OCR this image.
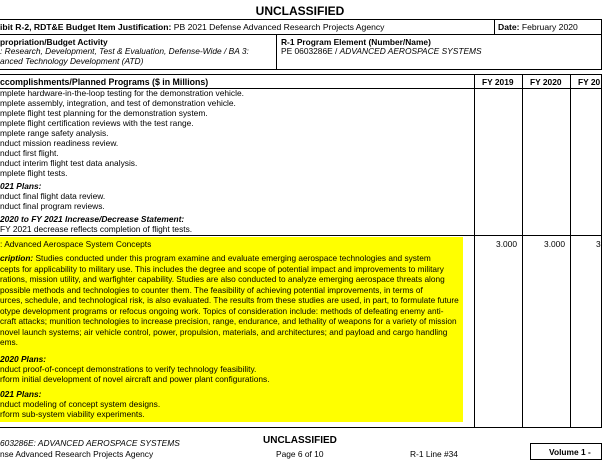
UNCLASSIFIED
ibit R-2, RDT&E Budget Item Justification: PB 2021 Defense Advanced Research Projects Agency	Date: February 2020
propriation/Budget Activity
: Research, Development, Test & Evaluation, Defense-Wide / BA 3:
anced Technology Development (ATD)
R-1 Program Element (Number/Name)
PE 0603286E / ADVANCED AEROSPACE SYSTEMS
ccomplishments/Planned Programs ($ in Millions)	FY 2019 FY 2020 FY 20
mplete hardware-in-the-loop testing for the demonstration vehicle.
mplete assembly, integration, and test of demonstration vehicle.
mplete flight test planning for the demonstration system.
mplete flight certification reviews with the test range.
mplete range safety analysis.
nduct mission readiness review.
nduct first flight.
nduct interim flight test data analysis.
mplete flight tests.
021 Plans:
nduct final flight data review.
nduct final program reviews.
2020 to FY 2021 Increase/Decrease Statement:
FY 2021 decrease reflects completion of flight tests.
: Advanced Aerospace System Concepts	3.000	3.000	3
cription: Studies conducted under this program examine and evaluate emerging aerospace technologies and system
cepts for applicability to military use. This includes the degree and scope of potential impact and improvements to military
rations, mission utility, and warfighter capability. Studies are also conducted to analyze emerging aerospace threats along
possible methods and technologies to counter them. The feasibility of achieving potential improvements, in terms of
urces, schedule, and technological risk, is also evaluated. The results from these studies are used, in part, to formulate future
otype development programs or refocus ongoing work. Topics of consideration include: methods of defeating enemy anti-
craft attacks; munition technologies to increase precision, range, endurance, and lethality of weapons for a variety of mission
novel launch systems; air vehicle control, power, propulsion, materials, and architectures; and payload and cargo handling
ems.
2020 Plans:
nduct proof-of-concept demonstrations to verify technology feasibility.
rform initial development of novel aircraft and power plant configurations.
021 Plans:
nduct modeling of concept system designs.
rform sub-system viability experiments.
603286E: ADVANCED AEROSPACE SYSTEMS
nse Advanced Research Projects Agency
UNCLASSIFIED
Page 6 of 10	R-1 Line #34	Volume 1 -
